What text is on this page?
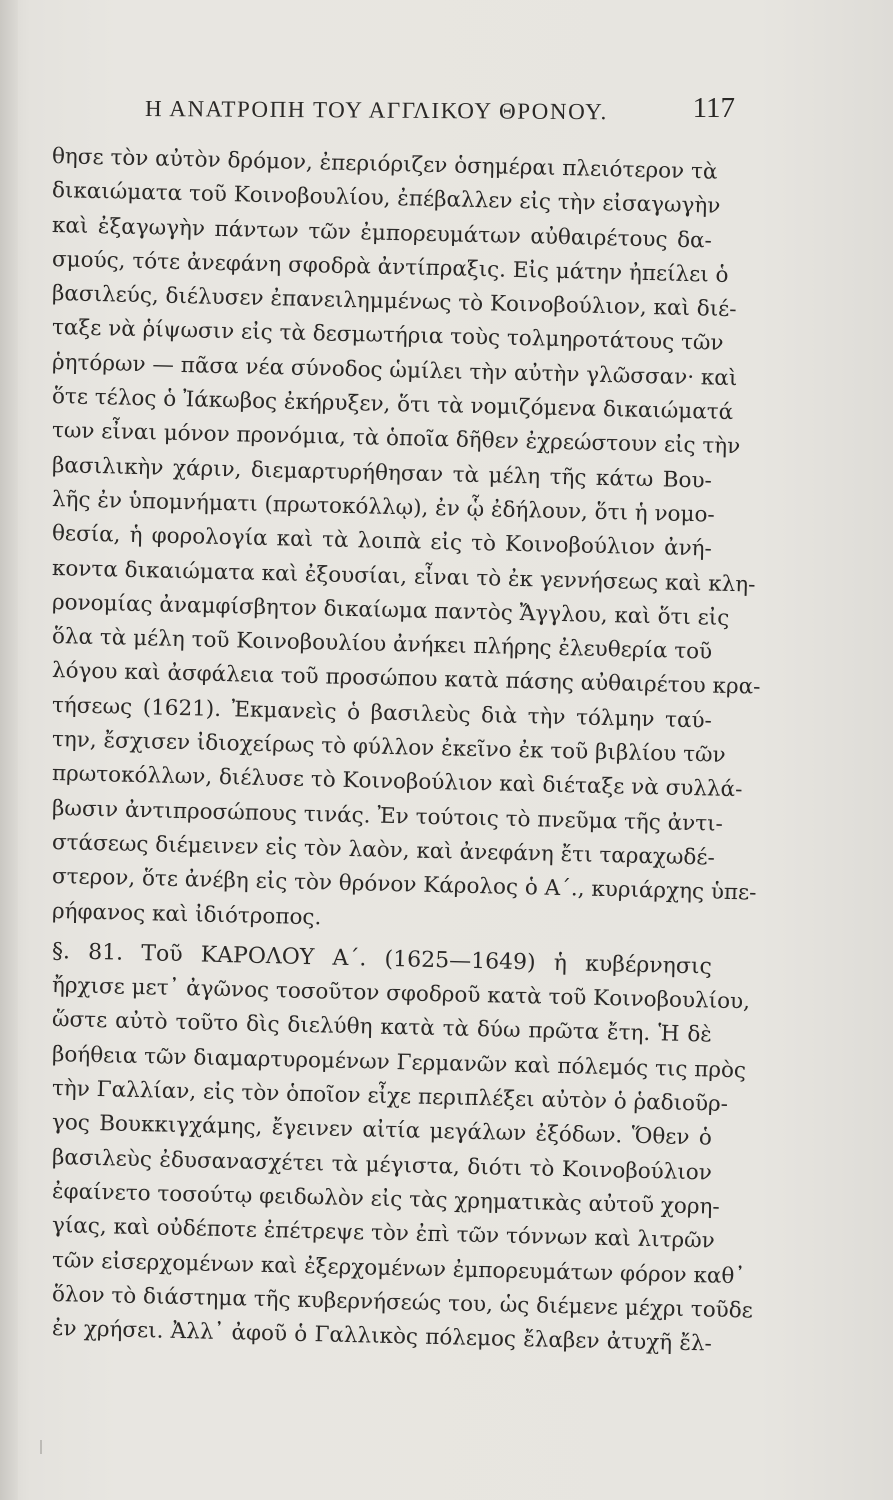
Η ΑΝΑΤΡΟΠΗ ΤΟΥ ΑΓΓΛΙΚΟΥ ΘΡΟΝΟΥ.	117
θησε τὸν αὐτὸν δρόμον, ἐπεριόριζεν ὁσημέραι πλειότερον τὰ
δικαιώματα τοῦ Κοινοβουλίου, ἐπέβαλλεν εἰς τὴν εἰσαγωγὴν
καὶ ἐξαγωγὴν πάντων τῶν ἐμπορευμάτων αὐθαιρέτους δα-
σμούς, τότε ἀνεφάνη σφοδρὰ ἀντίπραξις. Εἰς μάτην ἠπείλει ὁ
βασιλεύς, διέλυσεν ἐπανειλημμένως τὸ Κοινοβούλιον, καὶ διέ-
ταξε νὰ ῥίψωσιν εἰς τὰ δεσμωτήρια τοὺς τολμηροτάτους τῶν
ῥητόρων — πᾶσα νέα σύνοδος ὡμίλει τὴν αὐτὴν γλῶσσαν· καὶ
ὅτε τέλος ὁ Ἰάκωβος ἐκήρυξεν, ὅτι τὰ νομιζόμενα δικαιώματά
των εἶναι μόνον προνόμια, τὰ ὁποῖα δῆθεν ἐχρεώστουν εἰς τὴν
βασιλικὴν χάριν, διεμαρτυρήθησαν τὰ μέλη τῆς κάτω Βου-
λῆς ἐν ὑπομνήματι (πρωτοκόλλῳ), ἐν ᾧ ἐδήλουν, ὅτι ἡ νομο-
θεσία, ἡ φορολογία καὶ τὰ λοιπὰ εἰς τὸ Κοινοβούλιον ἀνή-
κοντα δικαιώματα καὶ ἐξουσίαι, εἶναι τὸ ἐκ γεννήσεως καὶ κλη-
ρονομίας ἀναμφίσβητον δικαίωμα παντὸς Ἄγγλου, καὶ ὅτι εἰς
ὅλα τὰ μέλη τοῦ Κοινοβουλίου ἀνήκει πλήρης ἐλευθερία τοῦ
λόγου καὶ ἀσφάλεια τοῦ προσώπου κατὰ πάσης αὐθαιρέτου κρα-
τήσεως (1621). Ἐκμανεὶς ὁ βασιλεὺς διὰ τὴν τόλμην ταύ-
την, ἔσχισεν ἰδιοχείρως τὸ φύλλον ἐκεῖνο ἐκ τοῦ βιβλίου τῶν
πρωτοκόλλων, διέλυσε τὸ Κοινοβούλιον καὶ διέταξε νὰ συλλά-
βωσιν ἀντιπροσώπους τινάς. Ἐν τούτοις τὸ πνεῦμα τῆς ἀντι-
στάσεως διέμεινεν εἰς τὸν λαὸν, καὶ ἀνεφάνη ἔτι ταραχωδέ-
στερον, ὅτε ἀνέβη εἰς τὸν θρόνον Κάρολος ὁ Α΄., κυριάρχης ὑπε-
ρήφανος καὶ ἰδιότροπος.
§. 81. Τοῦ ΚΑΡΟΛΟΥ Α΄. (1625—1649) ἡ κυβέρνησις
ἤρχισε μετ᾽ ἀγῶνος τοσοῦτον σφοδροῦ κατὰ τοῦ Κοινοβουλίου,
ὥστε αὐτὸ τοῦτο δὶς διελύθη κατὰ τὰ δύω πρῶτα ἔτη. Ἡ δὲ
βοήθεια τῶν διαμαρτυρομένων Γερμανῶν καὶ πόλεμός τις πρὸς
τὴν Γαλλίαν, εἰς τὸν ὁποῖον εἶχε περιπλέξει αὐτὸν ὁ ῥαδιοῦρ-
γος Βουκκιγχάμης, ἔγεινεν αἰτία μεγάλων ἐξόδων. Ὅθεν ὁ
βασιλεὺς ἐδυσανασχέτει τὰ μέγιστα, διότι τὸ Κοινοβούλιον
ἐφαίνετο τοσούτῳ φειδωλὸν εἰς τὰς χρηματικὰς αὐτοῦ χορη-
γίας, καὶ οὐδέποτε ἐπέτρεψε τὸν ἐπὶ τῶν τόννων καὶ λιτρῶν
τῶν εἰσερχομένων καὶ ἐξερχομένων ἐμπορευμάτων φόρον καθ᾽
ὅλον τὸ διάστημα τῆς κυβερνήσεώς του, ὡς διέμενε μέχρι τοῦδε
ἐν χρήσει. Ἀλλ᾽ ἀφοῦ ὁ Γαλλικὸς πόλεμος ἔλαβεν ἀτυχῆ ἔλ-
